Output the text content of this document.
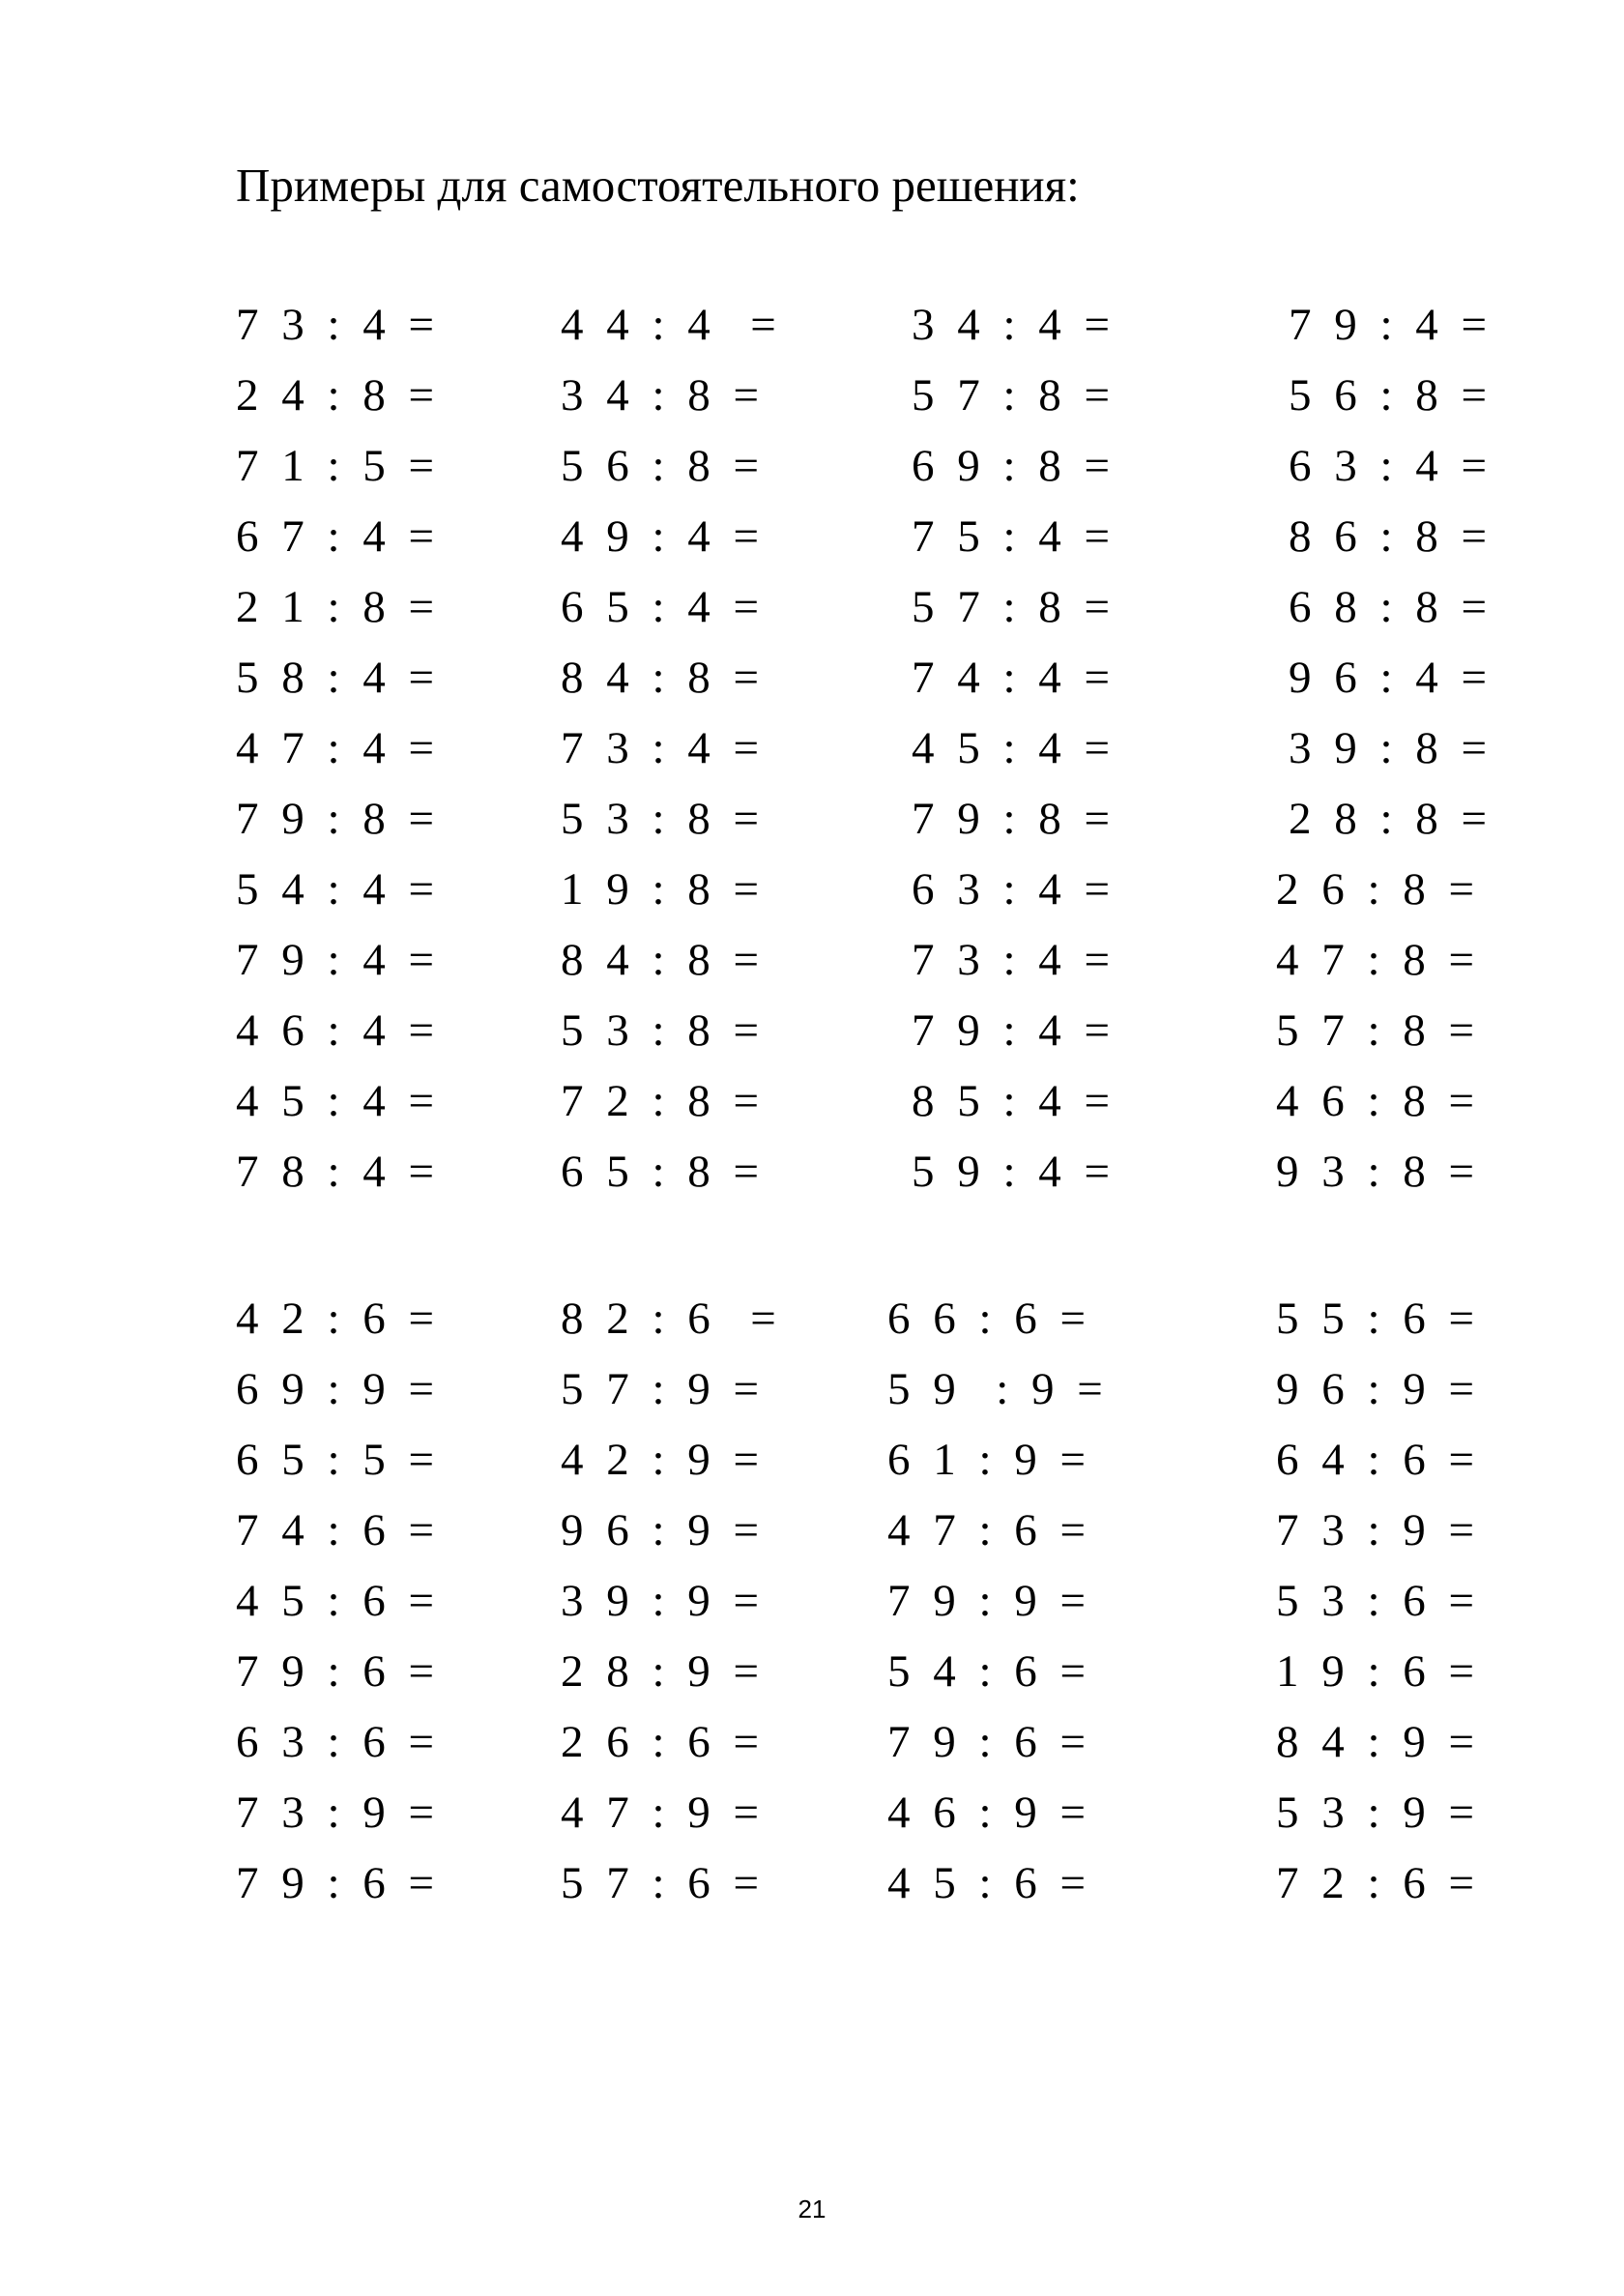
Примеры для самостоятельного решения:
7 3 : 4 =	4 4 : 4  =	3 4 : 4 =	7 9 : 4 =
2 4 : 8 =	3 4 : 8 =	5 7 : 8 =	5 6 : 8 =
7 1 : 5 =	5 6 : 8 =	6 9 : 8 =	6 3 : 4 =
6 7 : 4 =	4 9 : 4 =	7 5 : 4 =	8 6 : 8 =
2 1 : 8 =	6 5 : 4 =	5 7 : 8 =	6 8 : 8 =
5 8 : 4 =	8 4 : 8 =	7 4 : 4 =	9 6 : 4 =
4 7 : 4 =	7 3 : 4 =	4 5 : 4 =	3 9 : 8 =
7 9 : 8 =	5 3 : 8 =	7 9 : 8 =	2 8 : 8 =
5 4 : 4 =	1 9 : 8 =	6 3 : 4 =	2 6 : 8 =
7 9 : 4 =	8 4 : 8 =	7 3 : 4 =	4 7 : 8 =
4 6 : 4 =	5 3 : 8 =	7 9 : 4 =	5 7 : 8 =
4 5 : 4 =	7 2 : 8 =	8 5 : 4 =	4 6 : 8 =
7 8 : 4 =	6 5 : 8 =	5 9 : 4 =	9 3 : 8 =
4 2 : 6 =	8 2 : 6  = 6 6 : 6 =	5 5 : 6 =
6 9 : 9 =	5 7 : 9 =	5 9  : 9 =	9 6 : 9 =
6 5 : 5 =	4 2 : 9 =	6 1 : 9 =	6 4 : 6 =
7 4 : 6 =	9 6 : 9 =	4 7 : 6 =	7 3 : 9 =
4 5 : 6 =	3 9 : 9 =	7 9 : 9 =	5 3 : 6 =
7 9 : 6 =	2 8 : 9 =	5 4 : 6 =	1 9 : 6 =
6 3 : 6 =	2 6 : 6 =	7 9 : 6 =	8 4 : 9 =
7 3 : 9 =	4 7 : 9 =	4 6 : 9 =	5 3 : 9 =
7 9 : 6 =	5 7 : 6 =	4 5 : 6 =	7 2 : 6 =
21
